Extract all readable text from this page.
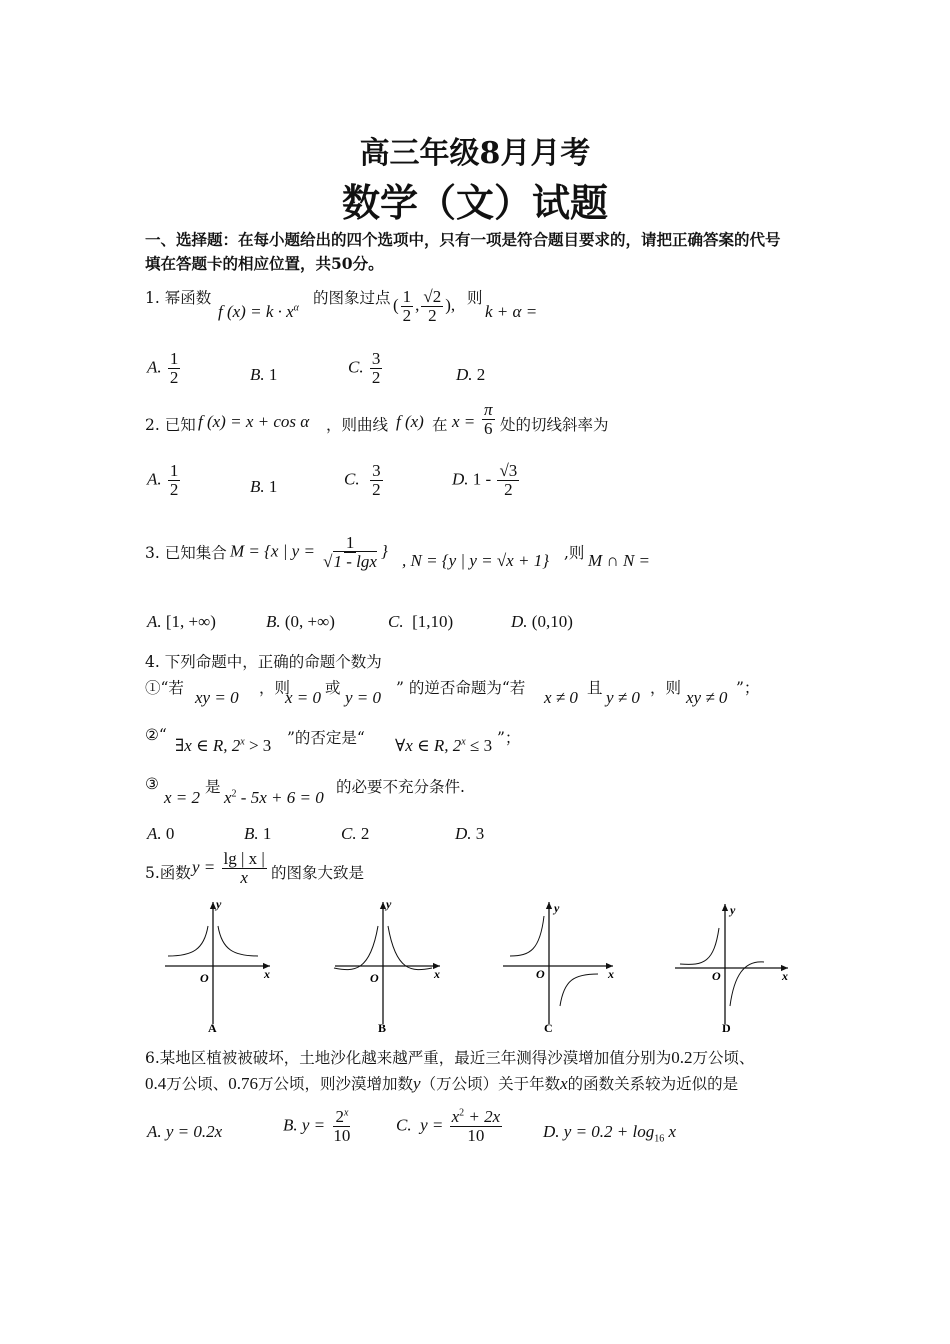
高三年级8月月考
数学（文）试题
一、选择题：在每小题给出的四个选项中，只有一项是符合题目要求的，请把正确答案的代号
填在答题卡的相应位置，共50分。
1. 幂函数
f $(x) = k \cdot x^\alpha$
的图象过点 ( $\frac{1}{2}$ , $\frac{√2}{2}$ ), 则
k + α =
A. $\frac{1}{2}$	B. 1	C. $\frac{3}{2}$	D. 2
2. 已知 f (x) = x + cos α ，则曲线 f (x) 在 $x = \frac{\pi}{6}$ 处的切线斜率为
A. $\frac{1}{2}$	B. 1	C. $\frac{3}{2}$	D. $1 - \frac{√3}{2}$
3. 已知集合 M = {x | $y = \frac{1}{√1 - \lg x}$ }
, N = {y | y = √x + 1} ,则 M ∩ N =
A. [1, +∞)	B. (0, +∞)	C. [1,10)	D. (0,10)
4. 下列命题中，正确的命题个数为
①“若 xy = 0 ，则
x = 0 或 y = 0 ” 的逆否命题为“若 x ≠ 0 且 y ≠ 0 ，则 xy ≠ 0 ”；
②“
∃x ∈ R, $2^x > 3$ ”的否定是“ ∀x ∈ R, $2^x \le 3$ ”；
③
x = 2
是
$x^2 - 5x + 6 = 0$
的必要不充分条件.
A. 0	B. 1	C. 2	D. 3
5.函数 $y = \frac{\lg | x |}{x}$ 的图象大致是
y
x
O
A
y
x
O
B
y
x
O
C
y
x
O
D
6.某地区植被被破坏，土地沙化越来越严重，最近三年测得沙漠增加值分别为0.2万公顷、
0.4万公顷、0.76万公顷，则沙漠增加数y（万公顷）关于年数x的函数关系较为近似的是
A. y = 0.2x	B. $y = \frac{2^x}{10}$	C. $y = \frac{x^2 + 2x}{10} D$. $y = 0.2 + \log_{16} x$
